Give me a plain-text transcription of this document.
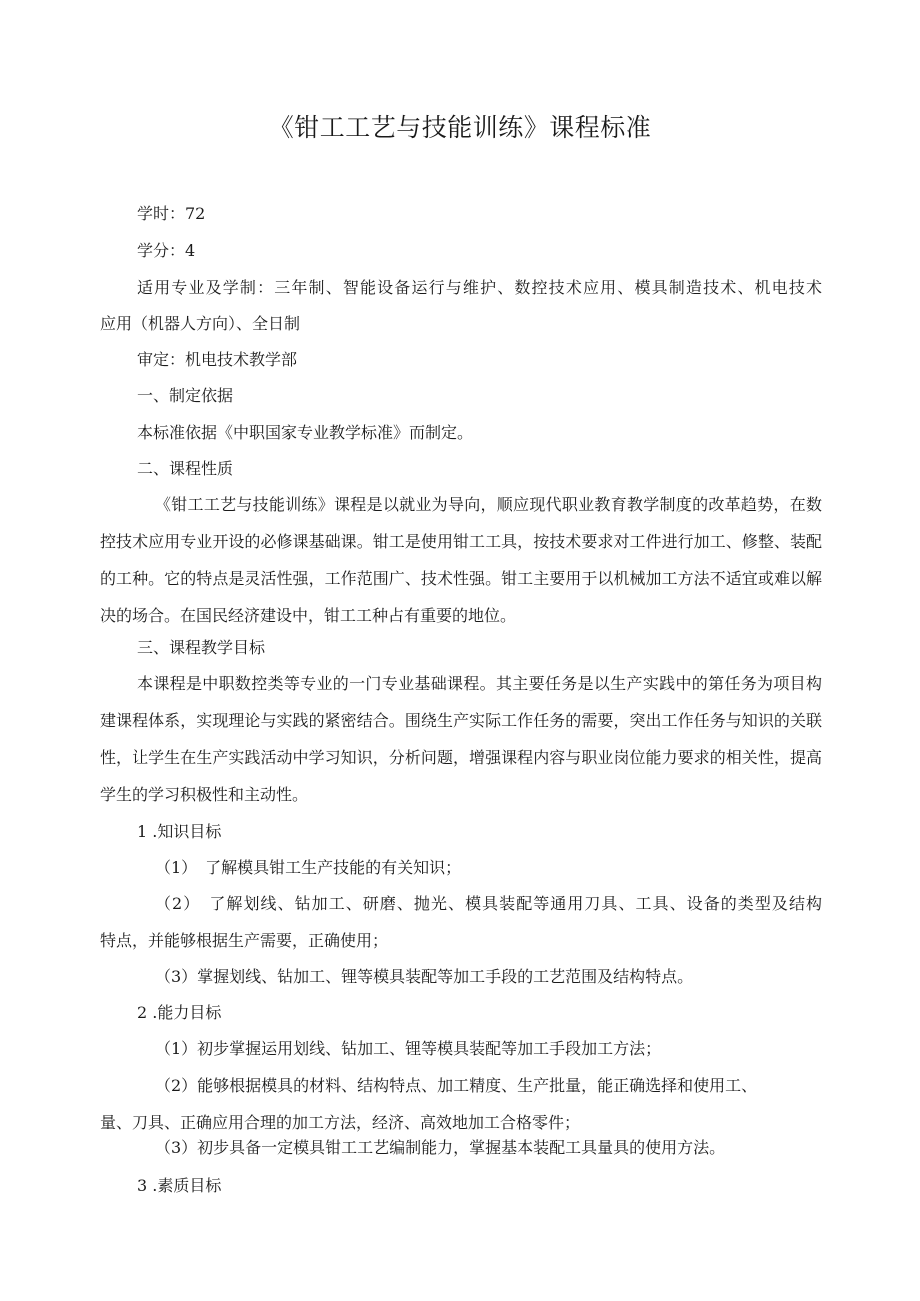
《钳工工艺与技能训练》课程标准
学时：72
学分：4
适用专业及学制：三年制、智能设备运行与维护、数控技术应用、模具制造技术、机电技术
应用（机器人方向）、全日制
审定：机电技术教学部
一、制定依据
本标准依据《中职国家专业教学标准》而制定。
二、课程性质
《钳工工艺与技能训练》课程是以就业为导向，顺应现代职业教育教学制度的改革趋势，在数控技术应用专业开设的必修课基础课。钳工是使用钳工工具，按技术要求对工件进行加工、修整、装配的工种。它的特点是灵活性强，工作范围广、技术性强。钳工主要用于以机械加工方法不适宜或难以解决的场合。在国民经济建设中，钳工工种占有重要的地位。
三、课程教学目标
本课程是中职数控类等专业的一门专业基础课程。其主要任务是以生产实践中的第任务为项目构建课程体系，实现理论与实践的紧密结合。围绕生产实际工作任务的需要，突出工作任务与知识的关联性，让学生在生产实践活动中学习知识，分析问题，增强课程内容与职业岗位能力要求的相关性，提高学生的学习积极性和主动性。
1 .知识目标
（1）　了解模具钳工生产技能的有关知识；
（2）　了解划线、钻加工、研磨、抛光、模具装配等通用刀具、工具、设备的类型及结构
特点，并能够根据生产需要，正确使用；
（3）掌握划线、钻加工、锂等模具装配等加工手段的工艺范围及结构特点。
2 .能力目标
（1）初步掌握运用划线、钻加工、锂等模具装配等加工手段加工方法；
（2）能够根据模具的材料、结构特点、加工精度、生产批量，能正确选择和使用工、
量、刀具、正确应用合理的加工方法，经济、高效地加工合格零件；
（3）初步具备一定模具钳工工艺编制能力，掌握基本装配工具量具的使用方法。
3 .素质目标
